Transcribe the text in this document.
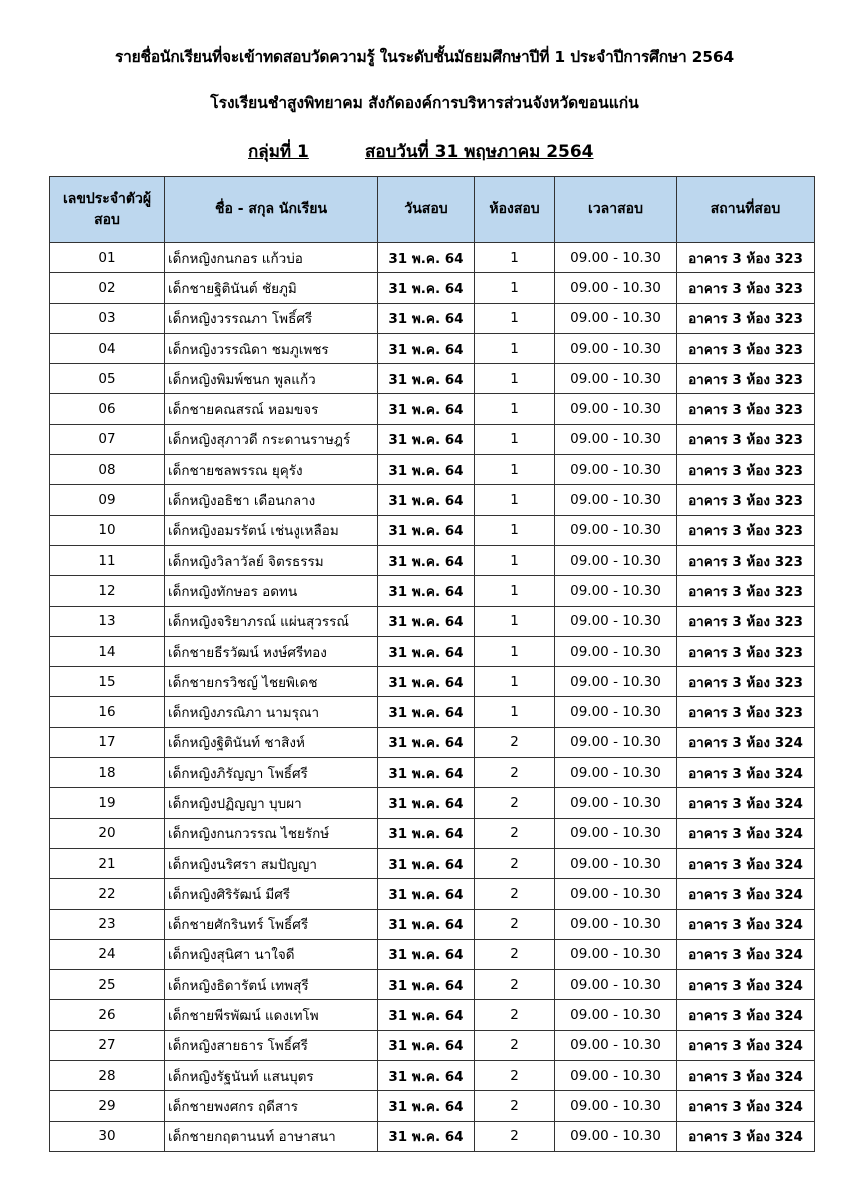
รายชื่อนักเรียนที่จะเข้าทดสอบวัดความรู้ ในระดับชั้นมัธยมศึกษาปีที่ 1 ประจำปีการศึกษา 2564
โรงเรียนชำสูงพิทยาคม สังกัดองค์การบริหารส่วนจังหวัดขอนแก่น
กลุ่มที่ 1	สอบวันที่ 31 พฤษภาคม 2564
เลขประจำตัวผู้สอบ	ชื่อ - สกุล นักเรียน	วันสอบ	ห้องสอบ	เวลาสอบ	สถานที่สอบ
01	เด็กหญิงกนกอร แก้วบ่อ	31 พ.ค. 64	1	09.00 - 10.30	อาคาร 3 ห้อง 323
02	เด็กชายฐิตินันต์ ชัยภูมิ	31 พ.ค. 64	1	09.00 - 10.30	อาคาร 3 ห้อง 323
03	เด็กหญิงวรรณภา โพธิ์ศรี	31 พ.ค. 64	1	09.00 - 10.30	อาคาร 3 ห้อง 323
04	เด็กหญิงวรรณิดา ชมภูเพชร	31 พ.ค. 64	1	09.00 - 10.30	อาคาร 3 ห้อง 323
05	เด็กหญิงพิมพ์ชนก พูลแก้ว	31 พ.ค. 64	1	09.00 - 10.30	อาคาร 3 ห้อง 323
06	เด็กชายคณสรณ์ หอมขจร	31 พ.ค. 64	1	09.00 - 10.30	อาคาร 3 ห้อง 323
07	เด็กหญิงสุภาวดี กระดานราษฎร์	31 พ.ค. 64	1	09.00 - 10.30	อาคาร 3 ห้อง 323
08	เด็กชายชลพรรณ ยุคุรัง	31 พ.ค. 64	1	09.00 - 10.30	อาคาร 3 ห้อง 323
09	เด็กหญิงอธิชา เดือนกลาง	31 พ.ค. 64	1	09.00 - 10.30	อาคาร 3 ห้อง 323
10	เด็กหญิงอมรรัตน์ เช่นงูเหลือม	31 พ.ค. 64	1	09.00 - 10.30	อาคาร 3 ห้อง 323
11	เด็กหญิงวิลาวัลย์ จิตรธรรม	31 พ.ค. 64	1	09.00 - 10.30	อาคาร 3 ห้อง 323
12	เด็กหญิงทักษอร อดทน	31 พ.ค. 64	1	09.00 - 10.30	อาคาร 3 ห้อง 323
13	เด็กหญิงจริยาภรณ์ แผ่นสุวรรณ์	31 พ.ค. 64	1	09.00 - 10.30	อาคาร 3 ห้อง 323
14	เด็กชายธีรวัฒน์ หงษ์ศรีทอง	31 พ.ค. 64	1	09.00 - 10.30	อาคาร 3 ห้อง 323
15	เด็กชายกรวิชญ์ ไชยพิเดช	31 พ.ค. 64	1	09.00 - 10.30	อาคาร 3 ห้อง 323
16	เด็กหญิงภรณิภา นามรุณา	31 พ.ค. 64	1	09.00 - 10.30	อาคาร 3 ห้อง 323
17	เด็กหญิงฐิตินันท์ ชาสิงห์	31 พ.ค. 64	2	09.00 - 10.30	อาคาร 3 ห้อง 324
18	เด็กหญิงภิรัญญา โพธิ์ศรี	31 พ.ค. 64	2	09.00 - 10.30	อาคาร 3 ห้อง 324
19	เด็กหญิงปฏิญญา บุบผา	31 พ.ค. 64	2	09.00 - 10.30	อาคาร 3 ห้อง 324
20	เด็กหญิงกนกวรรณ ไชยรักษ์	31 พ.ค. 64	2	09.00 - 10.30	อาคาร 3 ห้อง 324
21	เด็กหญิงนริศรา สมปัญญา	31 พ.ค. 64	2	09.00 - 10.30	อาคาร 3 ห้อง 324
22	เด็กหญิงศิริรัฒน์ มีศรี	31 พ.ค. 64	2	09.00 - 10.30	อาคาร 3 ห้อง 324
23	เด็กชายศักรินทร์ โพธิ์ศรี	31 พ.ค. 64	2	09.00 - 10.30	อาคาร 3 ห้อง 324
24	เด็กหญิงสุนิศา นาใจดี	31 พ.ค. 64	2	09.00 - 10.30	อาคาร 3 ห้อง 324
25	เด็กหญิงธิดารัตน์ เทพสุรี	31 พ.ค. 64	2	09.00 - 10.30	อาคาร 3 ห้อง 324
26	เด็กชายพีรพัฒน์ แดงเทโพ	31 พ.ค. 64	2	09.00 - 10.30	อาคาร 3 ห้อง 324
27	เด็กหญิงสายธาร โพธิ์ศรี	31 พ.ค. 64	2	09.00 - 10.30	อาคาร 3 ห้อง 324
28	เด็กหญิงรัฐนันท์ แสนบุตร	31 พ.ค. 64	2	09.00 - 10.30	อาคาร 3 ห้อง 324
29	เด็กชายพงศกร ฤดีสาร	31 พ.ค. 64	2	09.00 - 10.30	อาคาร 3 ห้อง 324
30	เด็กชายกฤตานนท์ อาษาสนา	31 พ.ค. 64	2	09.00 - 10.30	อาคาร 3 ห้อง 324
